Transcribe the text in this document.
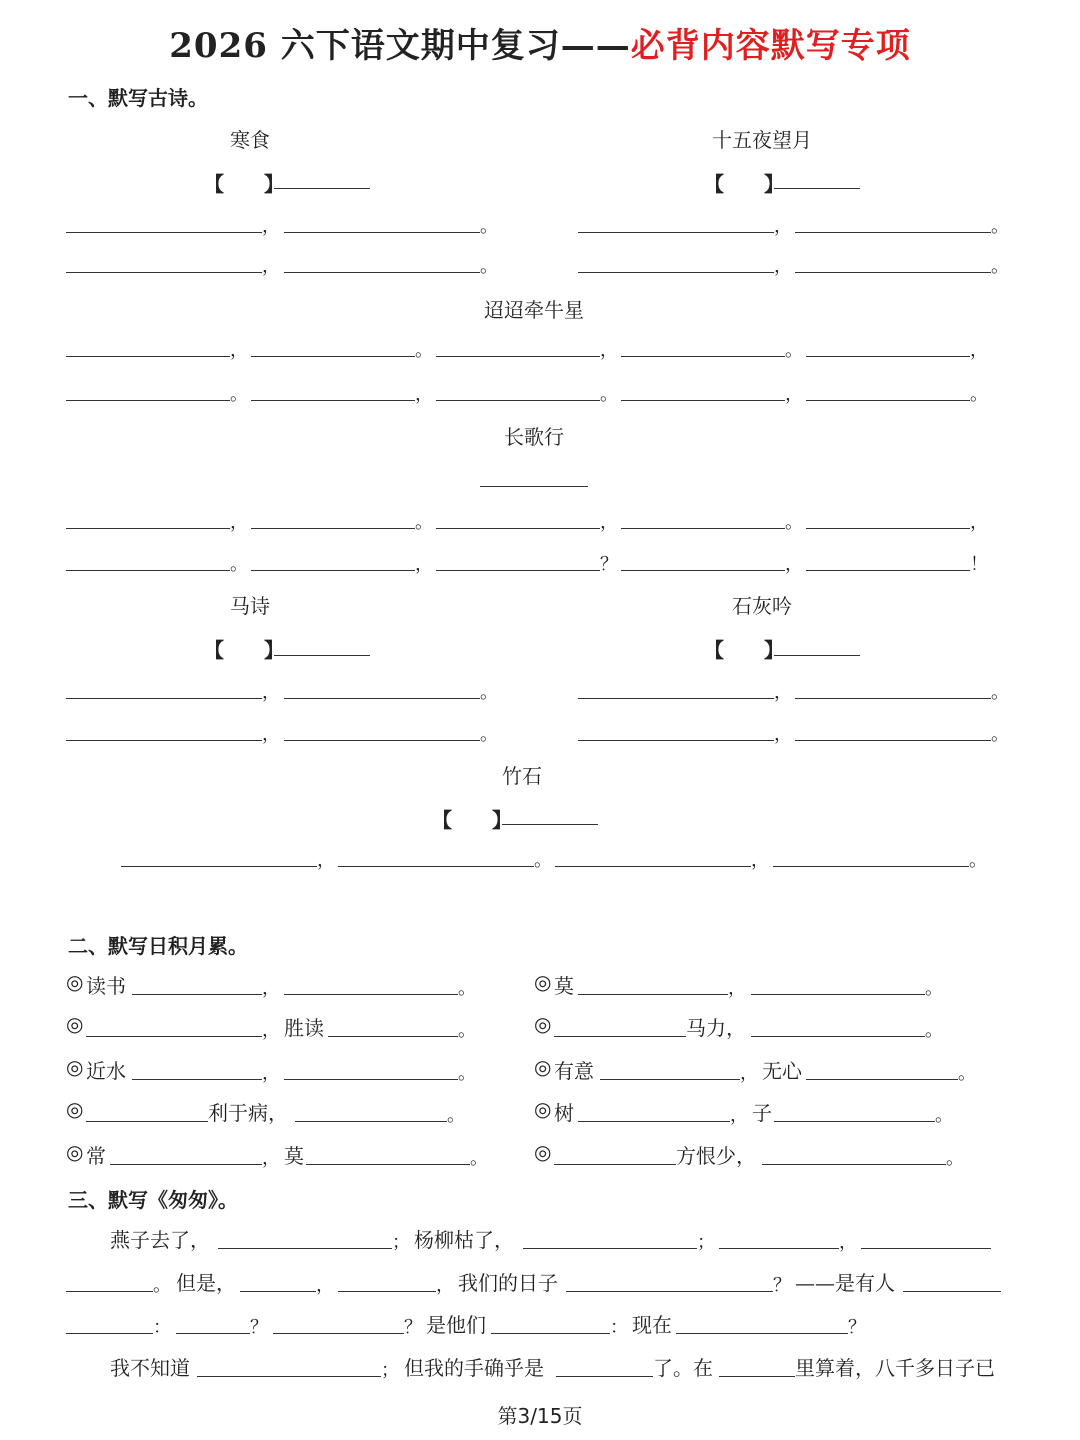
2026 六下语文期中复习——必背内容默写专项
一、默写古诗。
寒食	十五夜望月
【　　】	【　　】
迢迢牵牛星
长歌行
马诗	石灰吟
【　　】	【　　】
竹石
【　　】
二、默写日积月累。
三、默写《匆匆》。
第3/15页
，	。	，	。
，	。	，	。
，	。	，	。
，	。	，	。
，	。	，	。	，
。	，	。	，	。
，	。	，	。	，
。	，	？	，	！
，	。	，	。
◎ 读书	，	。	◎ 莫	，	。
◎	， 胜读	。	◎	马力，	。
◎ 近水	，	。	◎ 有意	， 无心	。
◎	利于病，	。	◎ 树	， 子	。
◎ 常	， 莫	。 ◎	方恨少，	。
燕子去了，	； 杨柳枯了，	；	，
。 但是，	，	， 我们的日子	？ ——是有人
：	？	？ 是他们	： 现在	？
我不知道	； 但我的手确乎是	了。在	里算着，八千多日子已
